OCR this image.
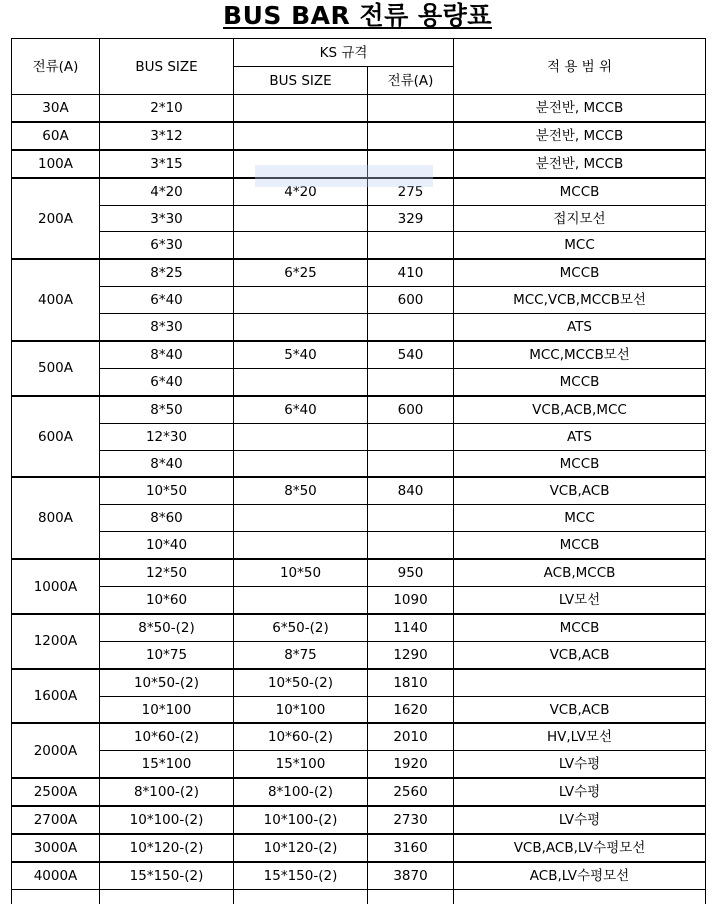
BUS BAR 전류 용량표
전류(A)	BUS SIZE	KS 규격		적 용 범 위
		BUS SIZE	전류(A)	
30A	2*10			분전반, MCCB
60A	3*12			분전반, MCCB
100A	3*15			분전반, MCCB
200A	4*20	4*20	275	MCCB
	3*30		329	접지모선
	6*30			MCC
400A	8*25	6*25	410	MCCB
	6*40		600	MCC,VCB,MCCB모선
	8*30			ATS
500A	8*40	5*40	540	MCC,MCCB모선
	6*40			MCCB
600A	8*50	6*40	600	VCB,ACB,MCC
	12*30			ATS
	8*40			MCCB
800A	10*50	8*50	840	VCB,ACB
	8*60			MCC
	10*40			MCCB
1000A	12*50	10*50	950	ACB,MCCB
	10*60		1090	LV모선
1200A	8*50-(2)	6*50-(2)	1140	MCCB
	10*75	8*75	1290	VCB,ACB
1600A	10*50-(2)	10*50-(2)	1810	
	10*100	10*100	1620	VCB,ACB
2000A	10*60-(2)	10*60-(2)	2010	HV,LV모선
	15*100	15*100	1920	LV수평
2500A	8*100-(2)	8*100-(2)	2560	LV수평
2700A	10*100-(2)	10*100-(2)	2730	LV수평
3000A	10*120-(2)	10*120-(2)	3160	VCB,ACB,LV수평모선
4000A	15*150-(2)	15*150-(2)	3870	ACB,LV수평모선
